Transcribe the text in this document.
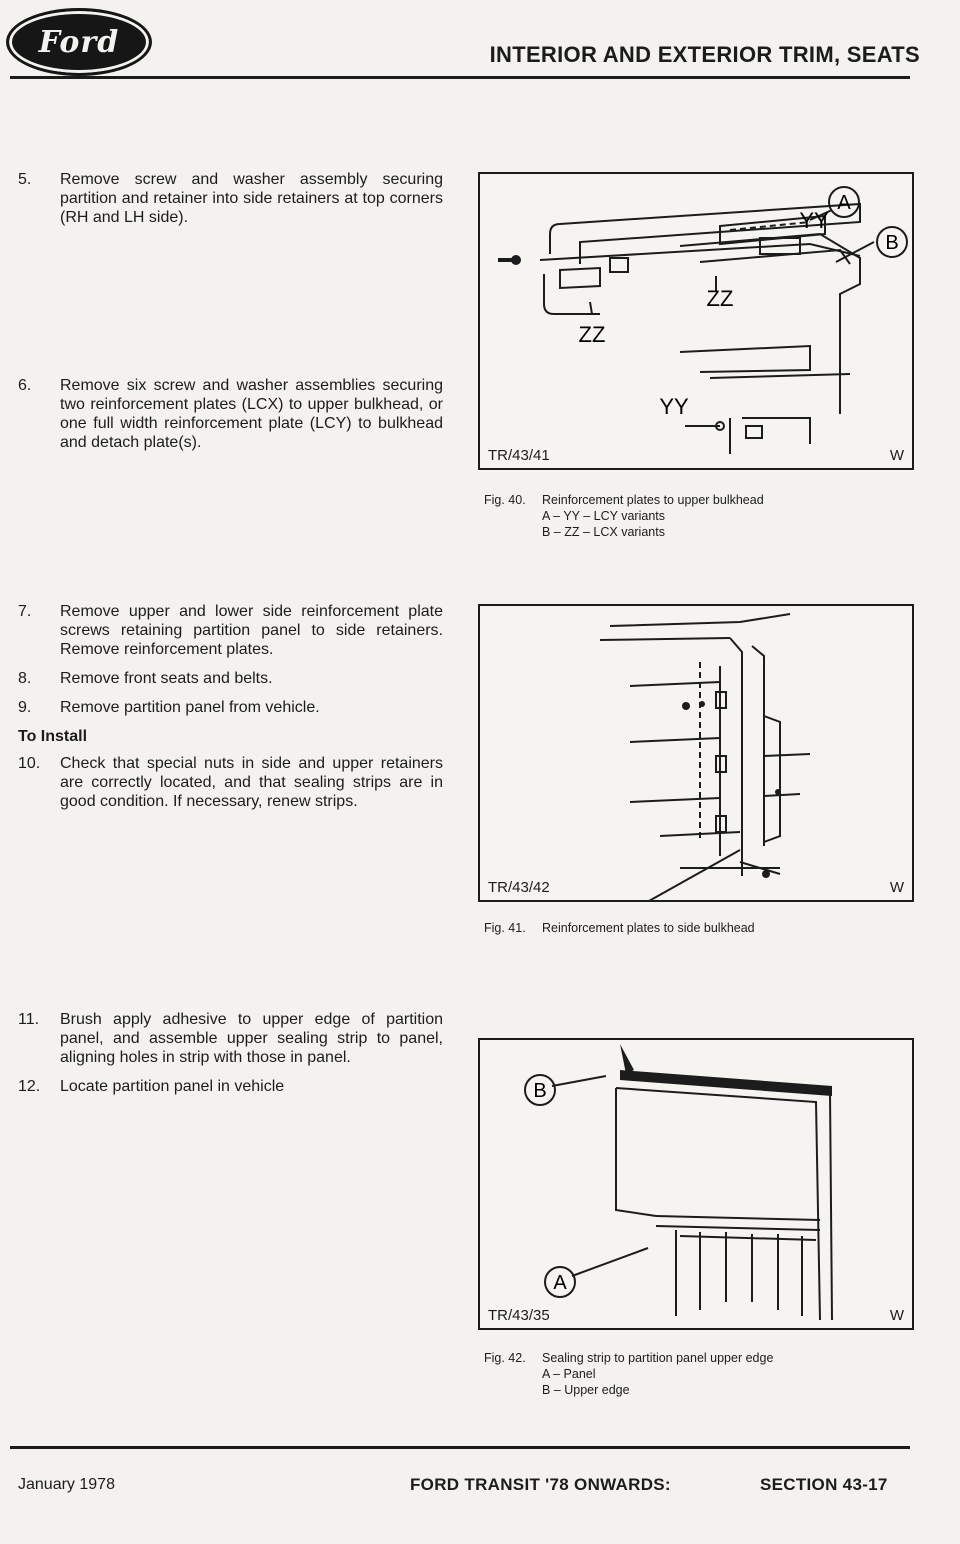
Ford	INTERIOR AND EXTERIOR TRIM, SEATS
5.	Remove screw and washer assembly securing partition and retainer into side retainers at top corners (RH and LH side).
6.	Remove six screw and washer assemblies securing two reinforcement plates (LCX) to upper bulkhead, or one full width reinforcement plate (LCY) to bulkhead and detach plate(s).
7.	Remove upper and lower side reinforcement plate screws retaining partition panel to side retainers. Remove reinforcement plates.
8.	Remove front seats and belts.
9.	Remove partition panel from vehicle.
To Install
10.	Check that special nuts in side and upper retainers are correctly located, and that sealing strips are in good condition. If necessary, renew strips.
11.	Brush apply adhesive to upper edge of partition panel, and assemble upper sealing strip to panel, aligning holes in strip with those in panel.
12.	Locate partition panel in vehicle
A
B
YY
ZZ
ZZ
YY
TR/43/41	W
Fig. 40.	Reinforcement plates to upper bulkhead
A – YY – LCY variants
B – ZZ – LCX variants
TR/43/42	W
Fig. 41.	Reinforcement plates to side bulkhead
B
A
TR/43/35	W
Fig. 42.	Sealing strip to partition panel upper edge
A – Panel
B – Upper edge
January 1978	FORD TRANSIT '78 ONWARDS:	SECTION 43-17
